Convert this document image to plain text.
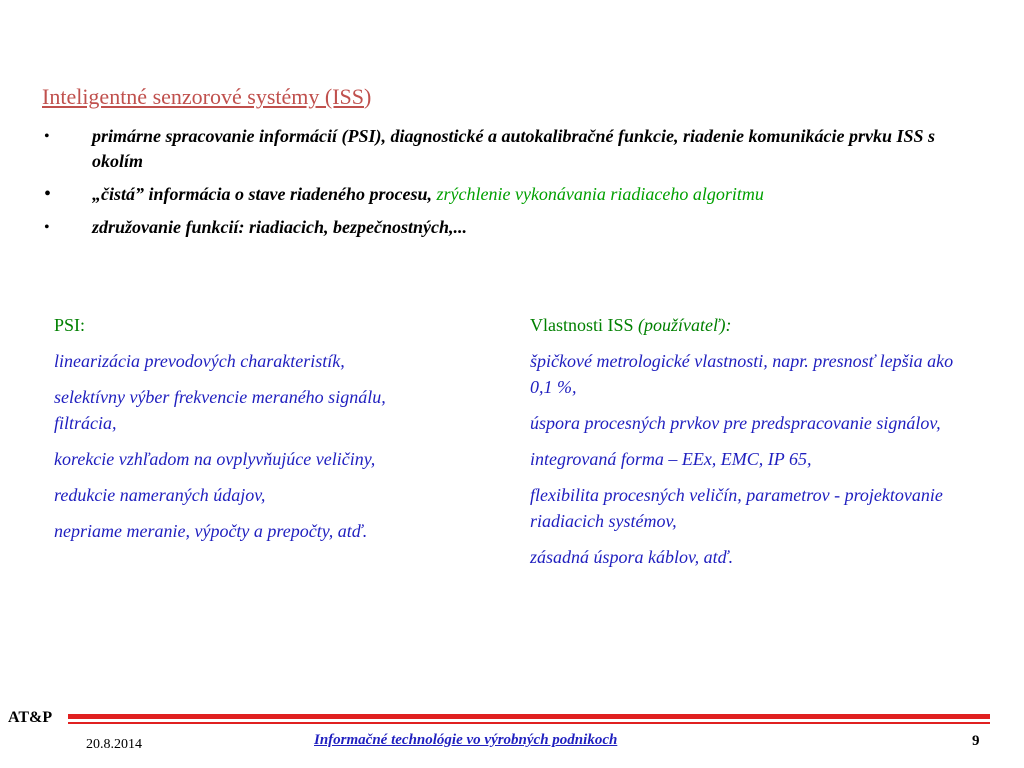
Inteligentné senzorové systémy (ISS)
•	primárne spracovanie informácií (PSI), diagnostické a autokalibračné funkcie, riadenie komunikácie prvku ISS s okolím
•	„čistá” informácia o stave riadeného procesu, zrýchlenie vykonávania riadiaceho algoritmu
•	združovanie funkcií: riadiacich, bezpečnostných,...
PSI:
linearizácia prevodových charakteristík,
selektívny výber frekvencie meraného signálu, filtrácia,
korekcie vzhľadom na ovplyvňujúce veličiny,
redukcie nameraných údajov,
nepriame meranie, výpočty a prepočty, atď.
Vlastnosti ISS (používateľ):
špičkové metrologické vlastnosti, napr. presnosť lepšia ako 0,1 %,
úspora procesných prvkov pre predspracovanie signálov,
integrovaná forma – EEx, EMC, IP 65,
flexibilita procesných veličín, parametrov - projektovanie riadiacich systémov,
zásadná úspora káblov, atď.
AT&P
20.8.2014	Informačné technológie vo výrobných podnikoch	9
